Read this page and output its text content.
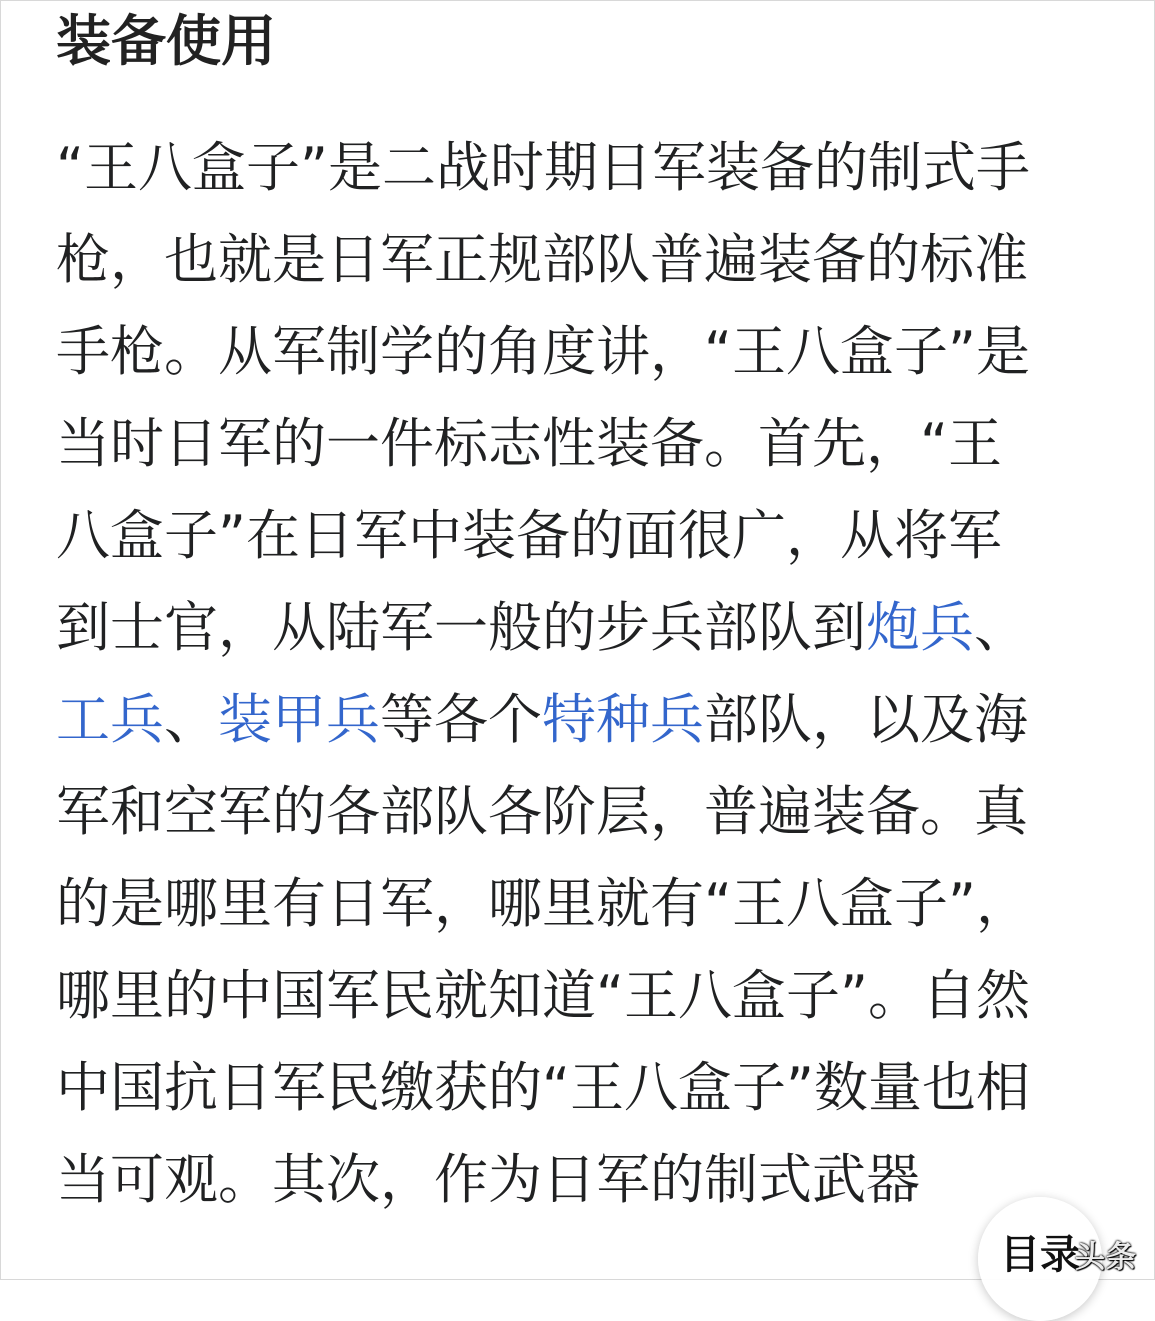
装备使用
“王八盒子”是二战时期日军装备的制式手
枪，也就是日军正规部队普遍装备的标准
手枪。从军制学的角度讲，“王八盒子”是
当时日军的一件标志性装备。首先，“王
八盒子”在日军中装备的面很广，从将军
到士官，从陆军一般的步兵部队到炮兵、
工兵、装甲兵等各个特种兵部队，以及海
军和空军的各部队各阶层，普遍装备。真
的是哪里有日军，哪里就有“王八盒子”，
哪里的中国军民就知道“王八盒子”。自然
中国抗日军民缴获的“王八盒子”数量也相
当可观。其次，作为日军的制式武器
目录
头条
